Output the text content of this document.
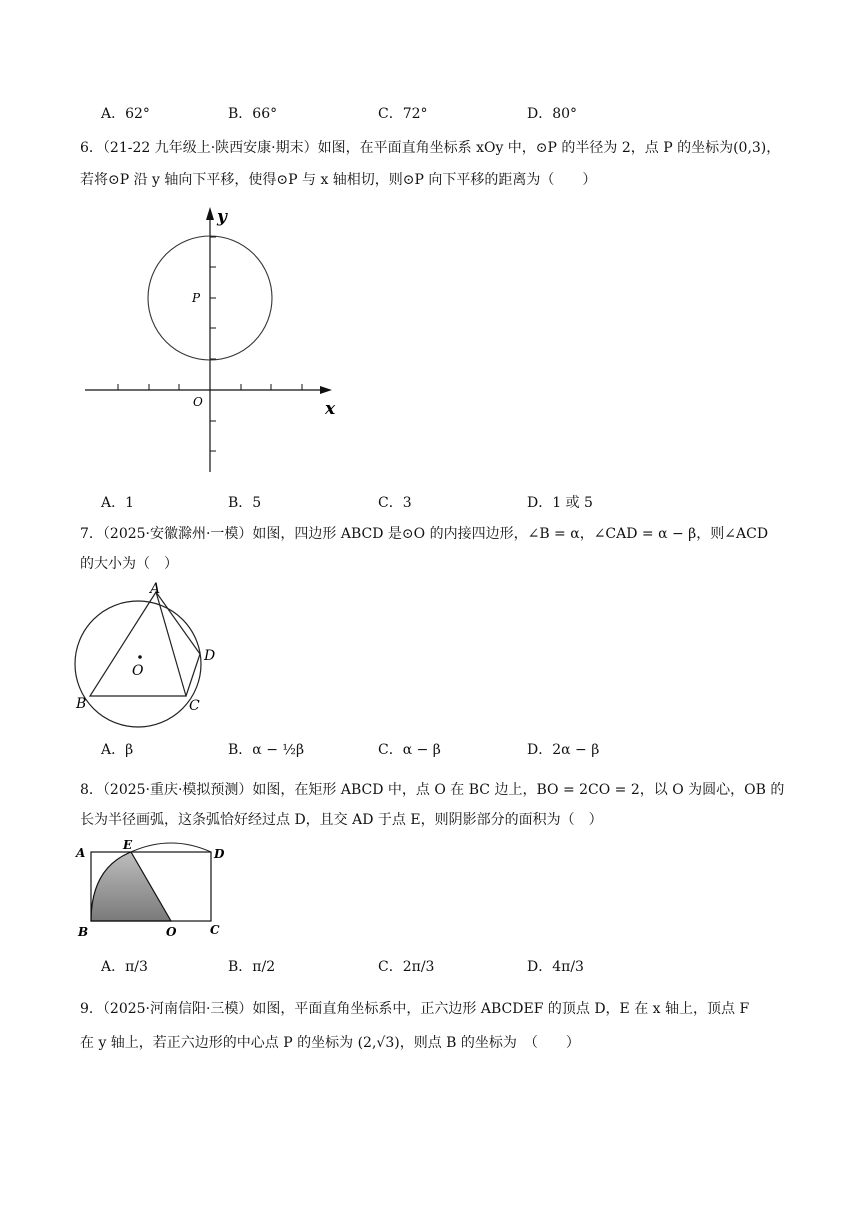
A．62°	B．66°	C．72°	D．80°
6．（21-22 九年级上·陕西安康·期末）如图，在平面直角坐标系 xOy 中，⊙P 的半径为 2，点 P 的坐标为(0,3)，
若将⊙P 沿 y 轴向下平移，使得⊙P 与 x 轴相切，则⊙P 向下平移的距离为（　　）
y
x
P
O
A．1	B．5	C．3	D．1 或 5
7．（2025·安徽滁州·一模）如图，四边形 ABCD 是⊙O 的内接四边形，∠B = α，∠CAD = α − β，则∠ACD
的大小为（　）
A
B	C
D
O
A．β	B．α − ½β	C．α − β	D．2α − β
8．（2025·重庆·模拟预测）如图，在矩形 ABCD 中，点 O 在 BC 边上，BO = 2CO = 2，以 O 为圆心，OB 的
长为半径画弧，这条弧恰好经过点 D，且交 AD 于点 E，则阴影部分的面积为（　）
A
E
D
B	O	C
A．π/3	B．π/2	C．2π/3	D．4π/3
9．（2025·河南信阳·三模）如图，平面直角坐标系中，正六边形 ABCDEF 的顶点 D，E 在 x 轴上，顶点 F
在 y 轴上，若正六边形的中心点 P 的坐标为 (2,√3)，则点 B 的坐标为　（　　）
